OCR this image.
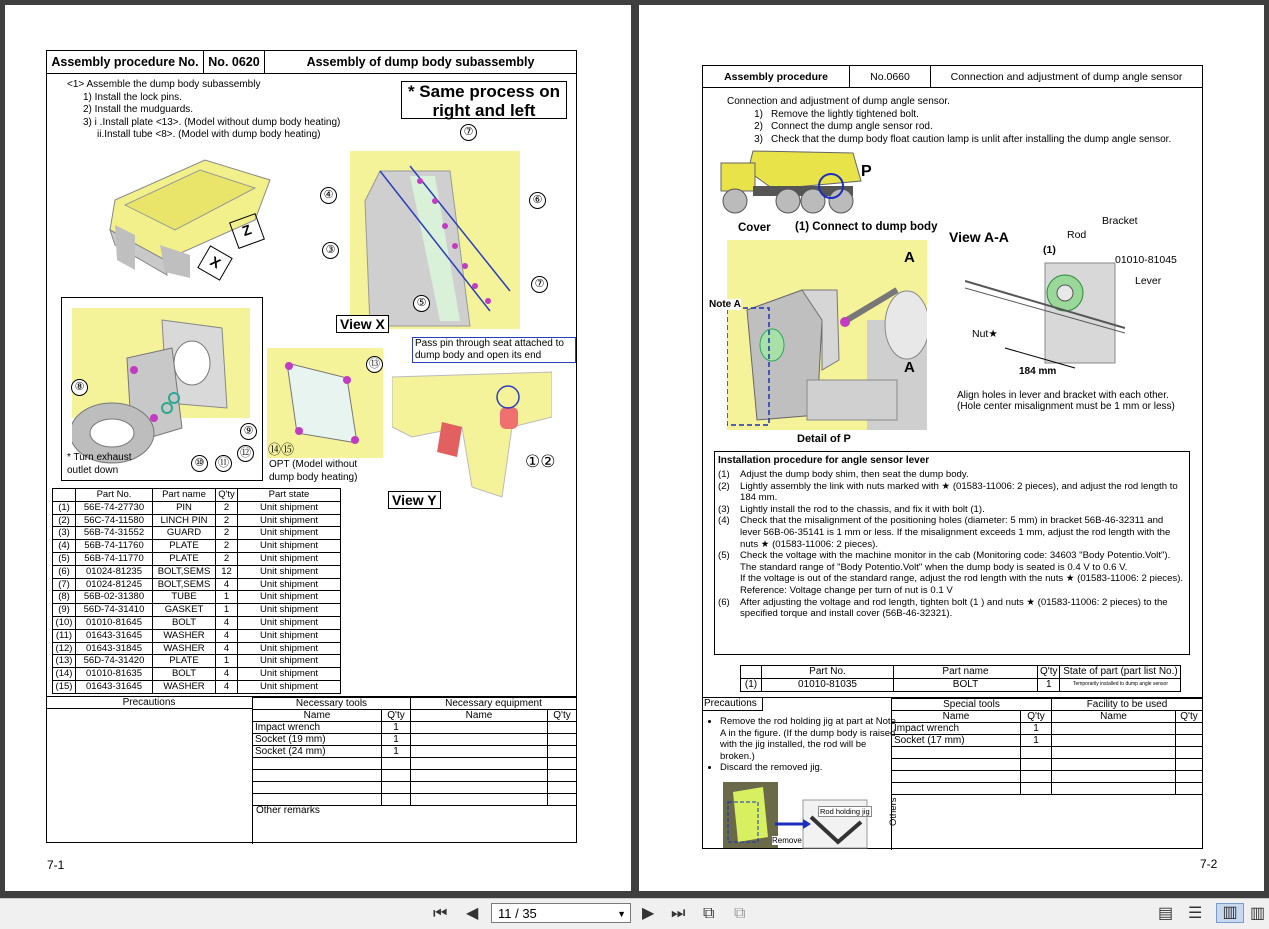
Assembly procedure No.	No. 0620	Assembly of dump body subassembly
<1> Assemble the dump body subassembly
1) Install the lock pins.
2) Install the mudguards.
3) i .Install plate <13>. (Model without dump body heating)
ii.Install tube <8>. (Model with dump body heating)
* Same process on right and left
Z
X
⑧
⑨
⑫
⑩	⑪
* Turn exhaust outlet down
⑦
④	⑥
③
⑦
⑤
View X
⑬
⑭⑮
OPT (Model without dump body heating)
Pass pin through seat attached to dump body and open its end
①②
View Y
	Part No.	Part name	Q'ty	Part state
(1)	56E-74-27730	PIN	2	Unit shipment
(2)	56C-74-11580	LINCH PIN	2	Unit shipment
(3)	56B-74-31552	GUARD	2	Unit shipment
(4)	56B-74-11760	PLATE	2	Unit shipment
(5)	56B-74-11770	PLATE	2	Unit shipment
(6)	01024-81235	BOLT,SEMS	12	Unit shipment
(7)	01024-81245	BOLT,SEMS	4	Unit shipment
(8)	56B-02-31380	TUBE	1	Unit shipment
(9)	56D-74-31410	GASKET	1	Unit shipment
(10)	01010-81645	BOLT	4	Unit shipment
(11)	01643-31645	WASHER	4	Unit shipment
(12)	01643-31845	WASHER	4	Unit shipment
(13)	56D-74-31420	PLATE	1	Unit shipment
(14)	01010-81635	BOLT	4	Unit shipment
(15)	01643-31645	WASHER	4	Unit shipment
Precautions	Necessary tools		Necessary equipment	
Name	Q'ty	Name	Q'ty
Impact wrench	1		
Socket (19 mm)	1		
Socket (24 mm)	1		

Other remarks
7-1
Assembly procedure	No.0660	Connection and adjustment of dump angle sensor
Connection and adjustment of dump angle sensor.
1) Remove the lightly tightened bolt.
2) Connect the dump angle sensor rod.
3) Check that the dump body float caution lamp is unlit after installing the dump angle sensor.
P
Cover (1) Connect to dump body
A
A
Note A
Detail of P
View A-A
Bracket
Rod
(1)
01010-81045
Lever
Nut★
184 mm
Align holes in lever and bracket with each other.
(Hole center misalignment must be 1 mm or less)
Installation procedure for angle sensor lever
(1)	Adjust the dump body shim, then seat the dump body.
(2)	Lightly assembly the link with nuts marked with ★ (01583-11006: 2 pieces), and adjust the rod length to 184 mm.
(3)	Lightly install the rod to the chassis, and fix it with bolt (1).
(4)	Check that the misalignment of the positioning holes (diameter: 5 mm) in bracket 56B-46-32311 and lever 56B-06-35141 is 1 mm or less. If the misalignment exceeds 1 mm, adjust the rod length with the nuts ★ (01583-11006: 2 pieces).
(5)	Check the voltage with the machine monitor in the cab (Monitoring code: 34603 "Body Potentio.Volt").
The standard range of "Body Potentio.Volt" when the dump body is seated is 0.4 V to 0.6 V.
If the voltage is out of the standard range, adjust the rod length with the nuts ★ (01583-11006: 2 pieces).
Reference: Voltage change per turn of nut is 0.1 V
(6)	After adjusting the voltage and rod length, tighten bolt (1 ) and nuts ★ (01583-11006: 2 pieces) to the specified torque and install cover (56B-46-32321).
	Part No.	Part name	Q'ty	State of part (part list No.)
(1)	01010-81035	BOLT	1	Temporarily installed to dump angle sensor
Precautions
• Remove the rod holding jig at part at Note A in the figure. (If the dump body is raised with the jig installed, the rod will be broken.)
• Discard the removed jig.
Rod holding jig
Remove
Special tools		Facility to be used	
Name	Q'ty	Name	Q'ty
Impact wrench	1		
Socket (17 mm)	1		

Others
7-2
⏮ ◀	11 / 35	▼ ▶ ⏭ ⧉ ⧉	▤ ☰	▥ ▥
